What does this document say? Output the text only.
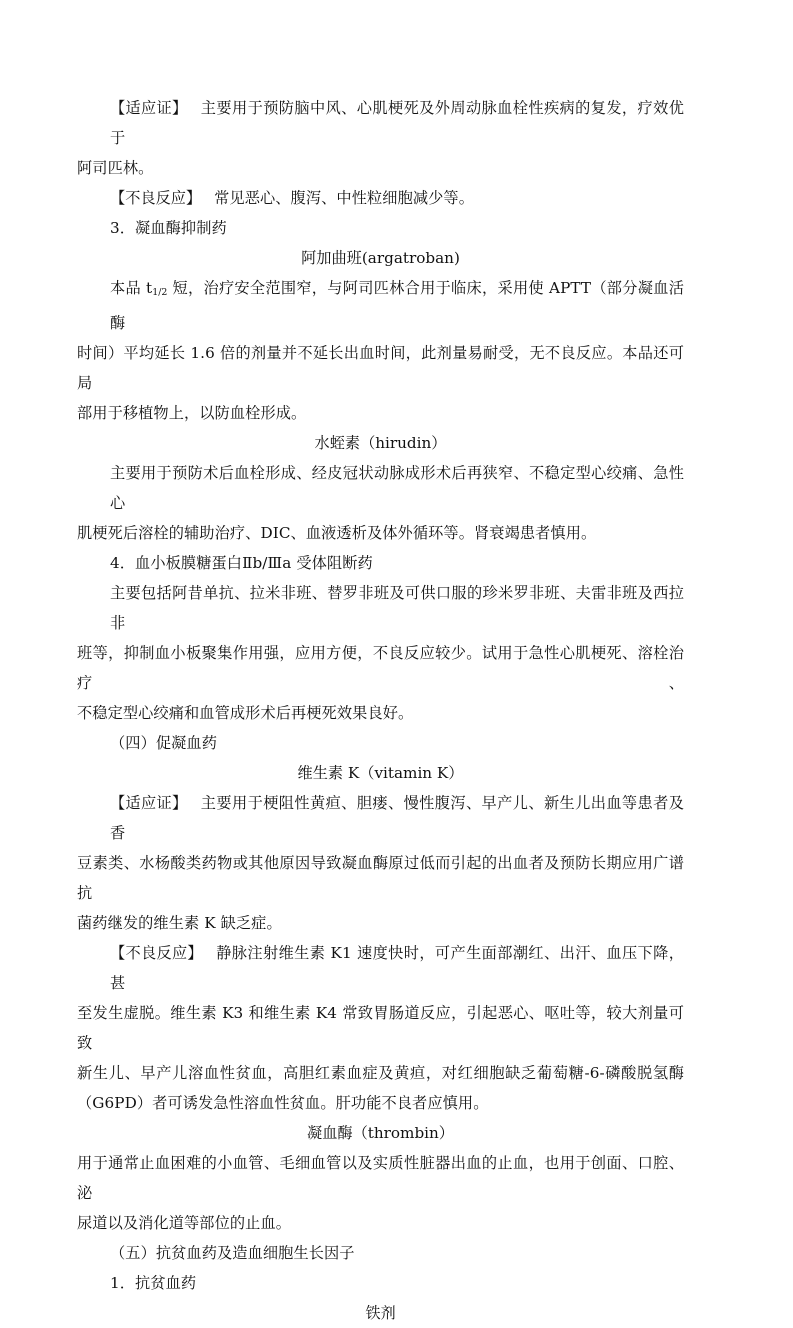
【适应证】 主要用于预防脑中风、心肌梗死及外周动脉血栓性疾病的复发，疗效优于
阿司匹林。
【不良反应】 常见恶心、腹泻、中性粒细胞减少等。
3．凝血酶抑制药
阿加曲班(argatroban)
本品 $t_{1/2}$ 短，治疗安全范围窄，与阿司匹林合用于临床，采用使 APTT（部分凝血活酶
时间）平均延长 1.6 倍的剂量并不延长出血时间，此剂量易耐受，无不良反应。本品还可局
部用于移植物上，以防血栓形成。
水蛭素（hirudin）
主要用于预防术后血栓形成、经皮冠状动脉成形术后再狭窄、不稳定型心绞痛、急性心
肌梗死后溶栓的辅助治疗、DIC、血液透析及体外循环等。肾衰竭患者慎用。
4．血小板膜糖蛋白Ⅱb/Ⅲa 受体阻断药
主要包括阿昔单抗、拉米非班、替罗非班及可供口服的珍米罗非班、夫雷非班及西拉非
班等，抑制血小板聚集作用强，应用方便，不良反应较少。试用于急性心肌梗死、溶栓治疗、
不稳定型心绞痛和血管成形术后再梗死效果良好。
（四）促凝血药
维生素 K（vitamin K）
【适应证】 主要用于梗阻性黄疸、胆瘘、慢性腹泻、早产儿、新生儿出血等患者及香
豆素类、水杨酸类药物或其他原因导致凝血酶原过低而引起的出血者及预防长期应用广谱抗
菌药继发的维生素 K 缺乏症。
【不良反应】 静脉注射维生素 K1 速度快时，可产生面部潮红、出汗、血压下降，甚
至发生虚脱。维生素 K3 和维生素 K4 常致胃肠道反应，引起恶心、呕吐等，较大剂量可致
新生儿、早产儿溶血性贫血，高胆红素血症及黄疸，对红细胞缺乏葡萄糖-6-磷酸脱氢酶
（G6PD）者可诱发急性溶血性贫血。肝功能不良者应慎用。
凝血酶（thrombin）
用于通常止血困难的小血管、毛细血管以及实质性脏器出血的止血，也用于创面、口腔、泌
尿道以及消化道等部位的止血。
（五）抗贫血药及造血细胞生长因子
1．抗贫血药
铁剂
